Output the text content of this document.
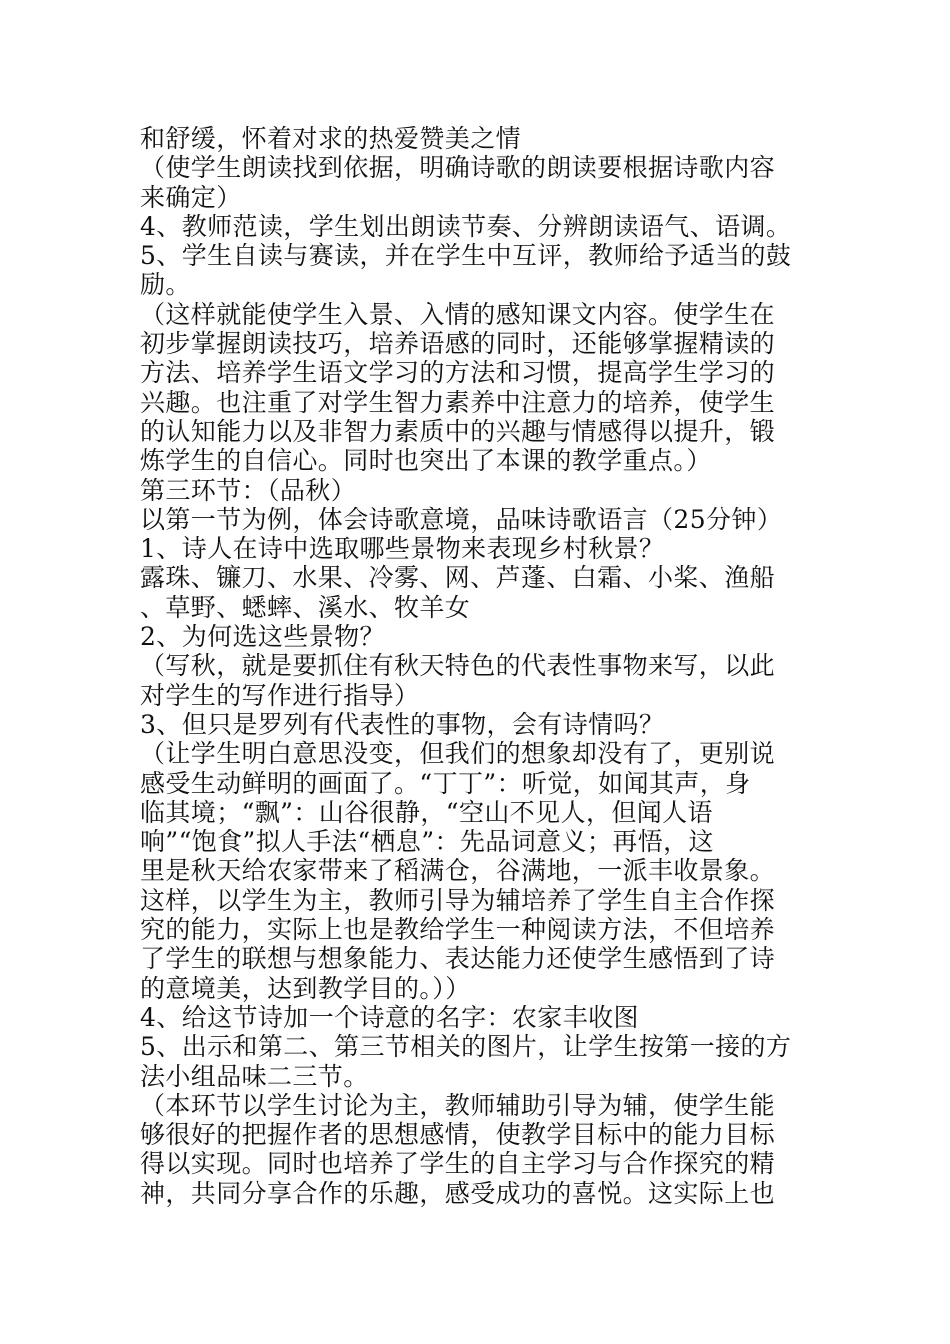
和舒缓，怀着对求的热爱赞美之情
（使学生朗读找到依据，明确诗歌的朗读要根据诗歌内容
来确定）
4、教师范读，学生划出朗读节奏、分辨朗读语气、语调。
5、学生自读与赛读，并在学生中互评，教师给予适当的鼓
励。
（这样就能使学生入景、入情的感知课文内容。使学生在
初步掌握朗读技巧，培养语感的同时，还能够掌握精读的
方法、培养学生语文学习的方法和习惯，提高学生学习的
兴趣。也注重了对学生智力素养中注意力的培养，使学生
的认知能力以及非智力素质中的兴趣与情感得以提升，锻
炼学生的自信心。同时也突出了本课的教学重点。）
第三环节：（品秋）
以第一节为例，体会诗歌意境，品味诗歌语言（25分钟）
1、诗人在诗中选取哪些景物来表现乡村秋景？
露珠、镰刀、水果、冷雾、网、芦蓬、白霜、小桨、渔船
、草野、蟋蟀、溪水、牧羊女
2、为何选这些景物？
（写秋，就是要抓住有秋天特色的代表性事物来写，以此
对学生的写作进行指导）
3、但只是罗列有代表性的事物，会有诗情吗？
（让学生明白意思没变，但我们的想象却没有了，更别说
感受生动鲜明的画面了。“丁丁”：听觉，如闻其声，身
临其境；“飘”：山谷很静，“空山不见人，但闻人语
响”“饱食”拟人手法“栖息”：先品词意义；再悟，这
里是秋天给农家带来了稻满仓，谷满地，一派丰收景象。
这样，以学生为主，教师引导为辅培养了学生自主合作探
究的能力，实际上也是教给学生一种阅读方法，不但培养
了学生的联想与想象能力、表达能力还使学生感悟到了诗
的意境美，达到教学目的。））
4、给这节诗加一个诗意的名字：农家丰收图
5、出示和第二、第三节相关的图片，让学生按第一接的方
法小组品味二三节。
（本环节以学生讨论为主，教师辅助引导为辅，使学生能
够很好的把握作者的思想感情，使教学目标中的能力目标
得以实现。同时也培养了学生的自主学习与合作探究的精
神，共同分享合作的乐趣，感受成功的喜悦。这实际上也
